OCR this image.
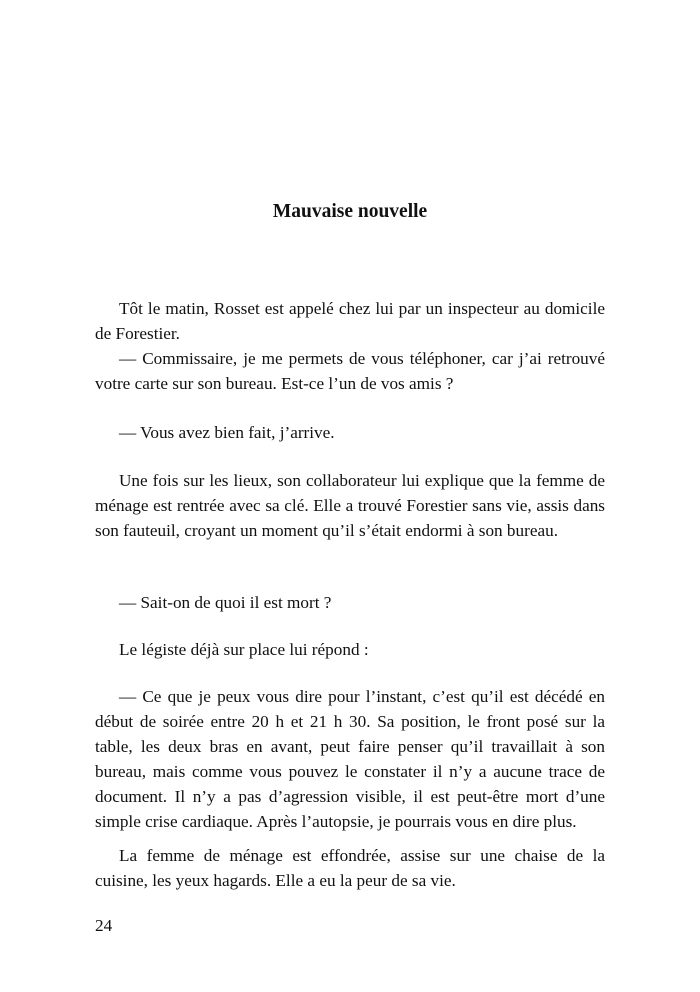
Mauvaise nouvelle

Tôt le matin, Rosset est appelé chez lui par un inspecteur au domicile de Forestier.

— Commissaire, je me permets de vous téléphoner, car j’ai retrouvé votre carte sur son bureau. Est-ce l’un de vos amis ?

— Vous avez bien fait, j’arrive.

Une fois sur les lieux, son collaborateur lui explique que la femme de ménage est rentrée avec sa clé. Elle a trouvé Forestier sans vie, assis dans son fauteuil, croyant un moment qu’il s’était endormi à son bureau.

— Sait-on de quoi il est mort ?

Le légiste déjà sur place lui répond :

— Ce que je peux vous dire pour l’instant, c’est qu’il est décédé en début de soirée entre 20 h et 21 h 30. Sa position, le front posé sur la table, les deux bras en avant, peut faire penser qu’il travaillait à son bureau, mais comme vous pouvez le constater il n’y a aucune trace de document. Il n’y a pas d’agression visible, il est peut-être mort d’une simple crise cardiaque. Après l’autopsie, je pourrais vous en dire plus.

La femme de ménage est effondrée, assise sur une chaise de la cuisine, les yeux hagards. Elle a eu la peur de sa vie.

24
